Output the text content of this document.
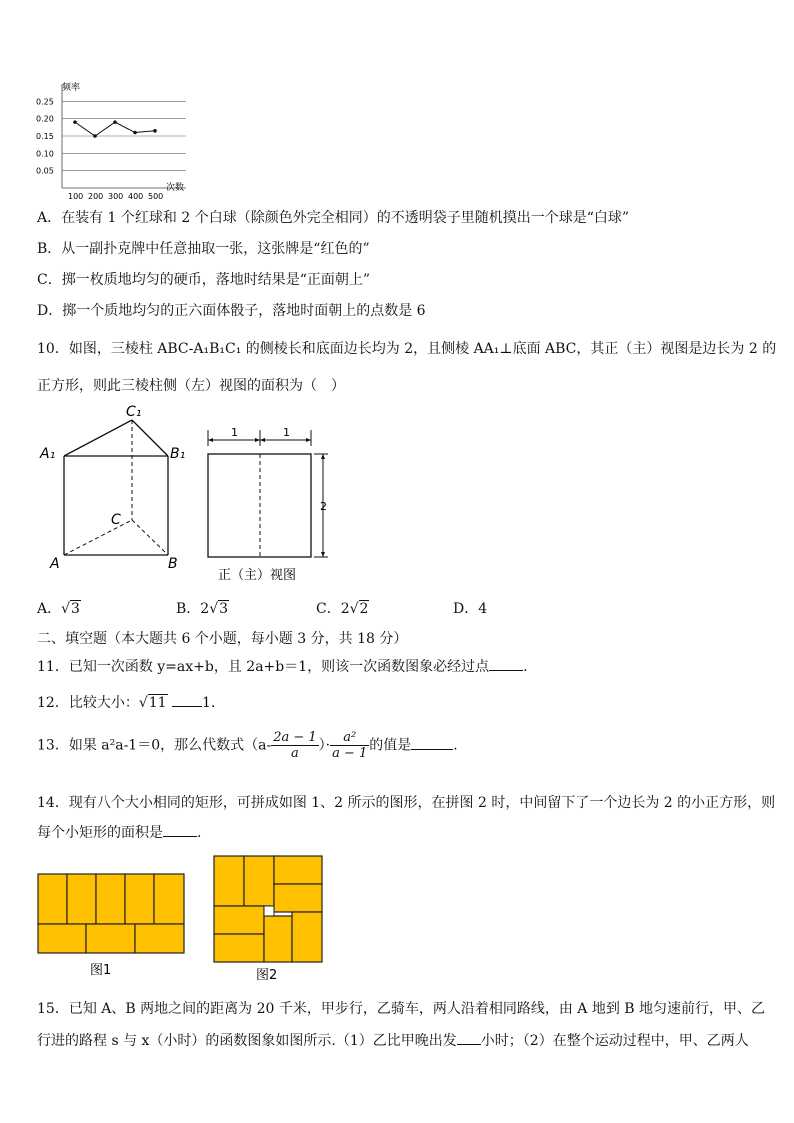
频率
次数
0.25
0.20
0.15
0.10
0.05
100 200 300 400 500
A．在装有 1 个红球和 2 个白球（除颜色外完全相同）的不透明袋子里随机摸出一个球是“白球”
B．从一副扑克牌中任意抽取一张，这张牌是“红色的”
C．掷一枚质地均匀的硬币，落地时结果是“正面朝上”
D．掷一个质地均匀的正六面体骰子，落地时面朝上的点数是 6
10．如图，三棱柱 ABC-A₁B₁C₁ 的侧棱长和底面边长均为 2，且侧棱 AA₁⊥底面 ABC，其正（主）视图是边长为 2 的
正方形，则此三棱柱侧（左）视图的面积为（　）
C₁
A₁	B₁
C
A	B
1	1
2
正（主）视图
A．√3	B．2√3	C．2√2	D．4
二、填空题（本大题共 6 个小题，每小题 3 分，共 18 分）
11．已知一次函数 y=ax+b，且 2a+b＝1，则该一次函数图象必经过点 .
12．比较大小：√11	1．
13．如果 a²a-1＝0，那么代数式（$a- \frac{2a - 1}{a}$ ）· $\frac{\text{a²}}{a - 1}$ 的值是	.
14．现有八个大小相同的矩形，可拼成如图 1、2 所示的图形，在拼图 2 时，中间留下了一个边长为 2 的小正方形，则
每个小矩形的面积是 .
图1	图2
15．已知 A、B 两地之间的距离为 20 千米，甲步行，乙骑车，两人沿着相同路线，由 A 地到 B 地匀速前行，甲、乙
行进的路程 s 与 x（小时）的函数图象如图所示.（1）乙比甲晚出发 小时；（2）在整个运动过程中，甲、乙两人
